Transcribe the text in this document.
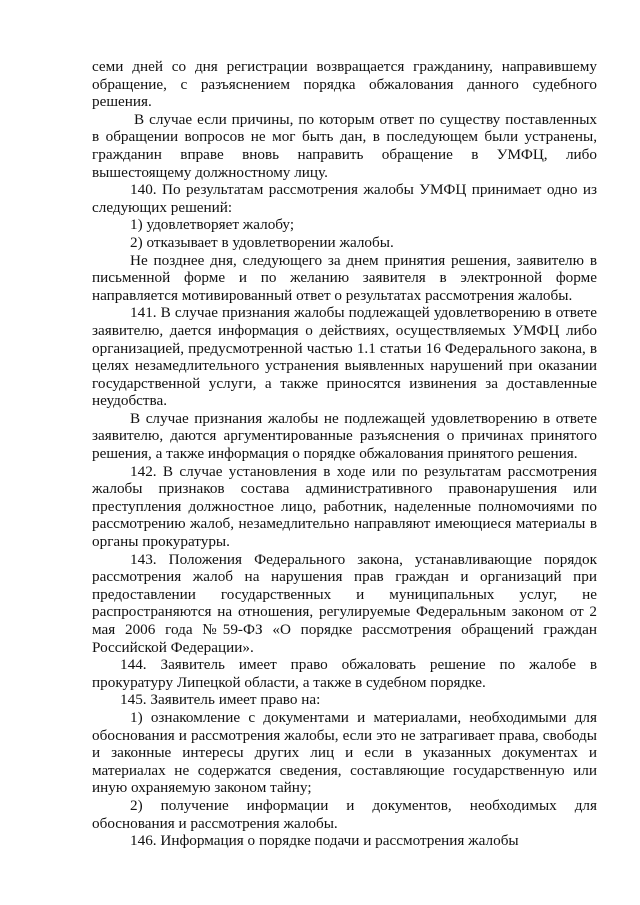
семи дней со дня регистрации возвращается гражданину, направившему обращение, с разъяснением порядка обжалования данного судебного решения.

В случае если причины, по которым ответ по существу поставленных в обращении вопросов не мог быть дан, в последующем были устранены, гражданин вправе вновь направить обращение в УМФЦ, либо вышестоящему должностному лицу.

140. По результатам рассмотрения жалобы УМФЦ принимает одно из следующих решений:

1) удовлетворяет жалобу;

2) отказывает в удовлетворении жалобы.

Не позднее дня, следующего за днем принятия решения, заявителю в письменной форме и по желанию заявителя в электронной форме направляется мотивированный ответ о результатах рассмотрения жалобы.

141. В случае признания жалобы подлежащей удовлетворению в ответе заявителю, дается информация о действиях, осуществляемых УМФЦ либо организацией, предусмотренной частью 1.1 статьи 16 Федерального закона, в целях незамедлительного устранения выявленных нарушений при оказании государственной услуги, а также приносятся извинения за доставленные неудобства.

В случае признания жалобы не подлежащей удовлетворению в ответе заявителю, даются аргументированные разъяснения о причинах принятого решения, а также информация о порядке обжалования принятого решения.

142. В случае установления в ходе или по результатам рассмотрения жалобы признаков состава административного правонарушения или преступления должностное лицо, работник, наделенные полномочиями по рассмотрению жалоб, незамедлительно направляют имеющиеся материалы в органы прокуратуры.

143. Положения Федерального закона, устанавливающие порядок рассмотрения жалоб на нарушения прав граждан и организаций при предоставлении государственных и муниципальных услуг, не распространяются на отношения, регулируемые Федеральным законом от 2 мая 2006 года №59-ФЗ «О порядке рассмотрения обращений граждан Российской Федерации».

144. Заявитель имеет право обжаловать решение по жалобе в прокуратуру Липецкой области, а также в судебном порядке.

145. Заявитель имеет право на:

1) ознакомление с документами и материалами, необходимыми для обоснования и рассмотрения жалобы, если это не затрагивает права, свободы и законные интересы других лиц и если в указанных документах и материалах не содержатся сведения, составляющие государственную или иную охраняемую законом тайну;

2) получение информации и документов, необходимых для обоснования и рассмотрения жалобы.

146. Информация о порядке подачи и рассмотрения жалобы
